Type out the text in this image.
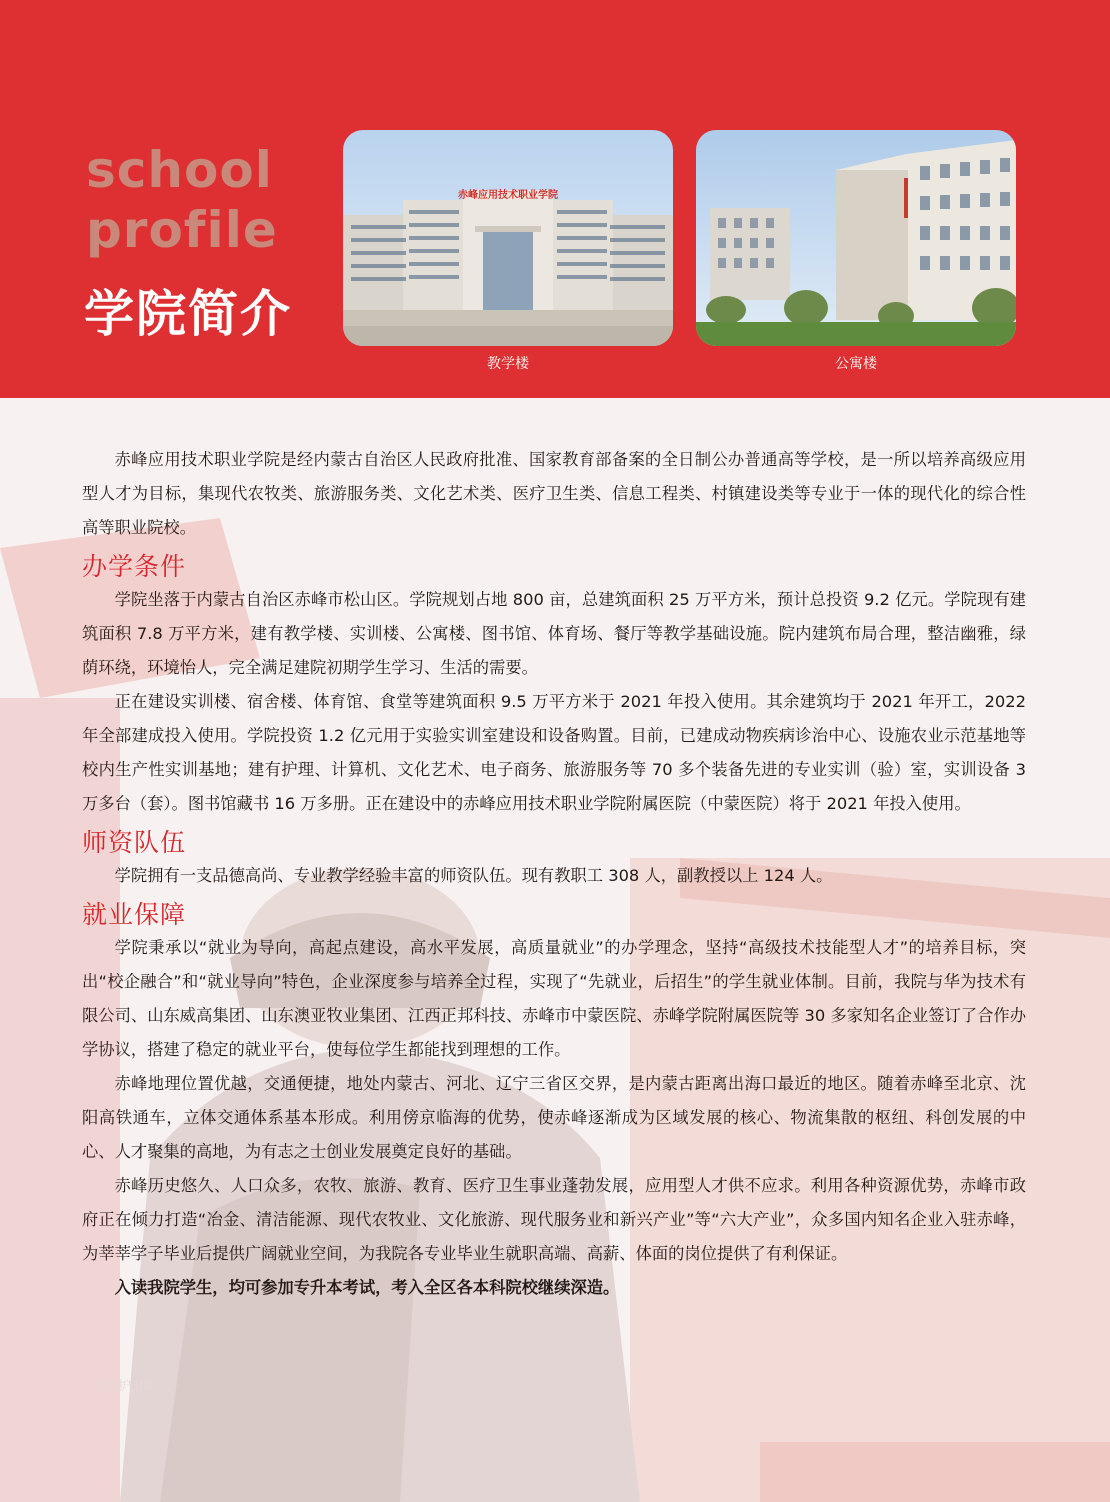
school
profile
学院简介
赤峰应用技术职业学院
教学楼	公寓楼
国旗护卫队

赤峰应用技术职业学院是经内蒙古自治区人民政府批准、国家教育部备案的全日制公办普通高等学校，是一所以培养高级应用型人才为目标，集现代农牧类、旅游服务类、文化艺术类、医疗卫生类、信息工程类、村镇建设类等专业于一体的现代化的综合性高等职业院校。

办学条件

学院坐落于内蒙古自治区赤峰市松山区。学院规划占地 800 亩，总建筑面积 25 万平方米，预计总投资 9.2 亿元。学院现有建筑面积 7.8 万平方米，建有教学楼、实训楼、公寓楼、图书馆、体育场、餐厅等教学基础设施。院内建筑布局合理，整洁幽雅，绿荫环绕，环境怡人，完全满足建院初期学生学习、生活的需要。

正在建设实训楼、宿舍楼、体育馆、食堂等建筑面积 9.5 万平方米于 2021 年投入使用。其余建筑均于 2021 年开工，2022 年全部建成投入使用。学院投资 1.2 亿元用于实验实训室建设和设备购置。目前，已建成动物疾病诊治中心、设施农业示范基地等校内生产性实训基地；建有护理、计算机、文化艺术、电子商务、旅游服务等 70 多个装备先进的专业实训（验）室，实训设备 3 万多台（套）。图书馆藏书 16 万多册。正在建设中的赤峰应用技术职业学院附属医院（中蒙医院）将于 2021 年投入使用。

师资队伍

学院拥有一支品德高尚、专业教学经验丰富的师资队伍。现有教职工 308 人，副教授以上 124 人。

就业保障

学院秉承以“就业为导向，高起点建设，高水平发展，高质量就业”的办学理念，坚持“高级技术技能型人才”的培养目标，突出“校企融合”和“就业导向”特色，企业深度参与培养全过程，实现了“先就业，后招生”的学生就业体制。目前，我院与华为技术有限公司、山东威高集团、山东澳亚牧业集团、江西正邦科技、赤峰市中蒙医院、赤峰学院附属医院等 30 多家知名企业签订了合作办学协议，搭建了稳定的就业平台，使每位学生都能找到理想的工作。

赤峰地理位置优越，交通便捷，地处内蒙古、河北、辽宁三省区交界，是内蒙古距离出海口最近的地区。随着赤峰至北京、沈阳高铁通车，立体交通体系基本形成。利用傍京临海的优势，使赤峰逐渐成为区域发展的核心、物流集散的枢纽、科创发展的中心、人才聚集的高地，为有志之士创业发展奠定良好的基础。

赤峰历史悠久、人口众多，农牧、旅游、教育、医疗卫生事业蓬勃发展，应用型人才供不应求。利用各种资源优势，赤峰市政府正在倾力打造“冶金、清洁能源、现代农牧业、文化旅游、现代服务业和新兴产业”等“六大产业”，众多国内知名企业入驻赤峰，为莘莘学子毕业后提供广阔就业空间，为我院各专业毕业生就职高端、高薪、体面的岗位提供了有利保证。

入读我院学生，均可参加专升本考试，考入全区各本科院校继续深造。
